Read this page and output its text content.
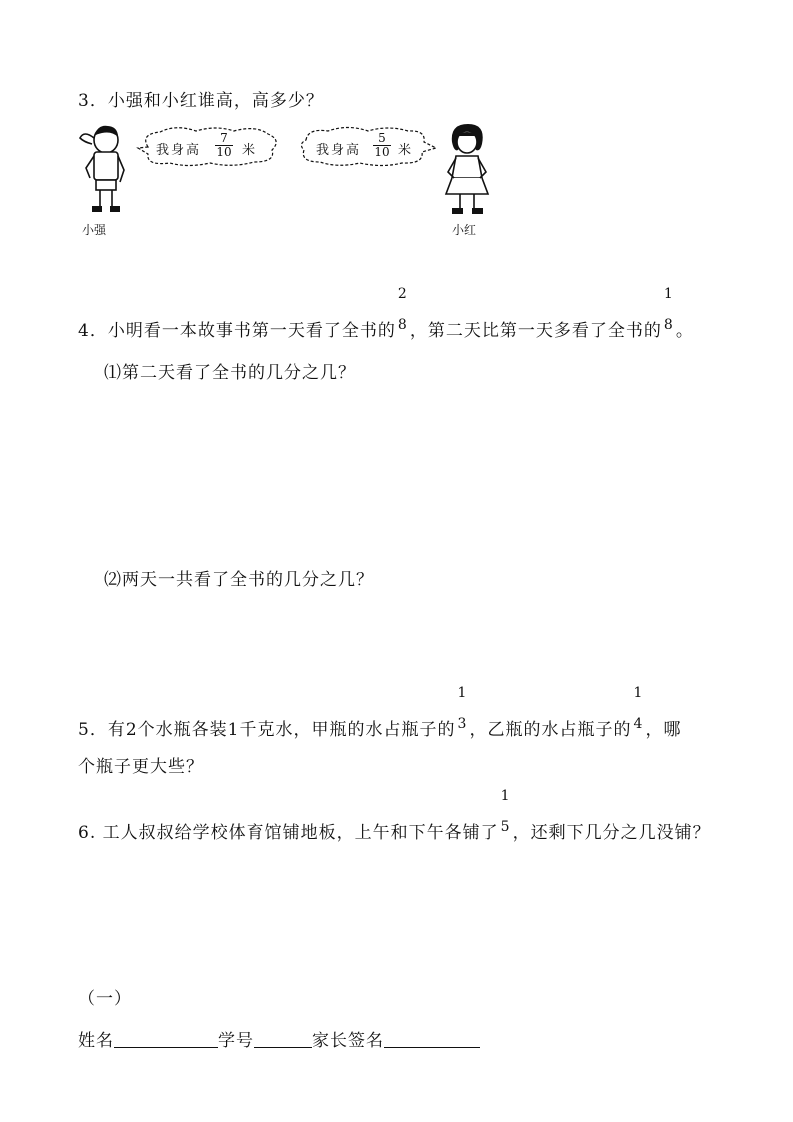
3．小强和小红谁高，高多少？
小强
我身高
7
10 米	我身高
5
10 米
小红
4．小明看一本故事书第一天看了全书的
2
8 ，第二天比第一天多看了全书的
1
8 。
⑴第二天看了全书的几分之几？
⑵两天一共看了全书的几分之几？
5．有2个水瓶各装1千克水，甲瓶的水占瓶子的
1
3 ，乙瓶的水占瓶子的
1
4 ，哪
个瓶子更大些？
6. 工人叔叔给学校体育馆铺地板，上午和下午各铺了
1
5 ，还剩下几分之几没铺？
（一）
姓名	学号	家长签名
